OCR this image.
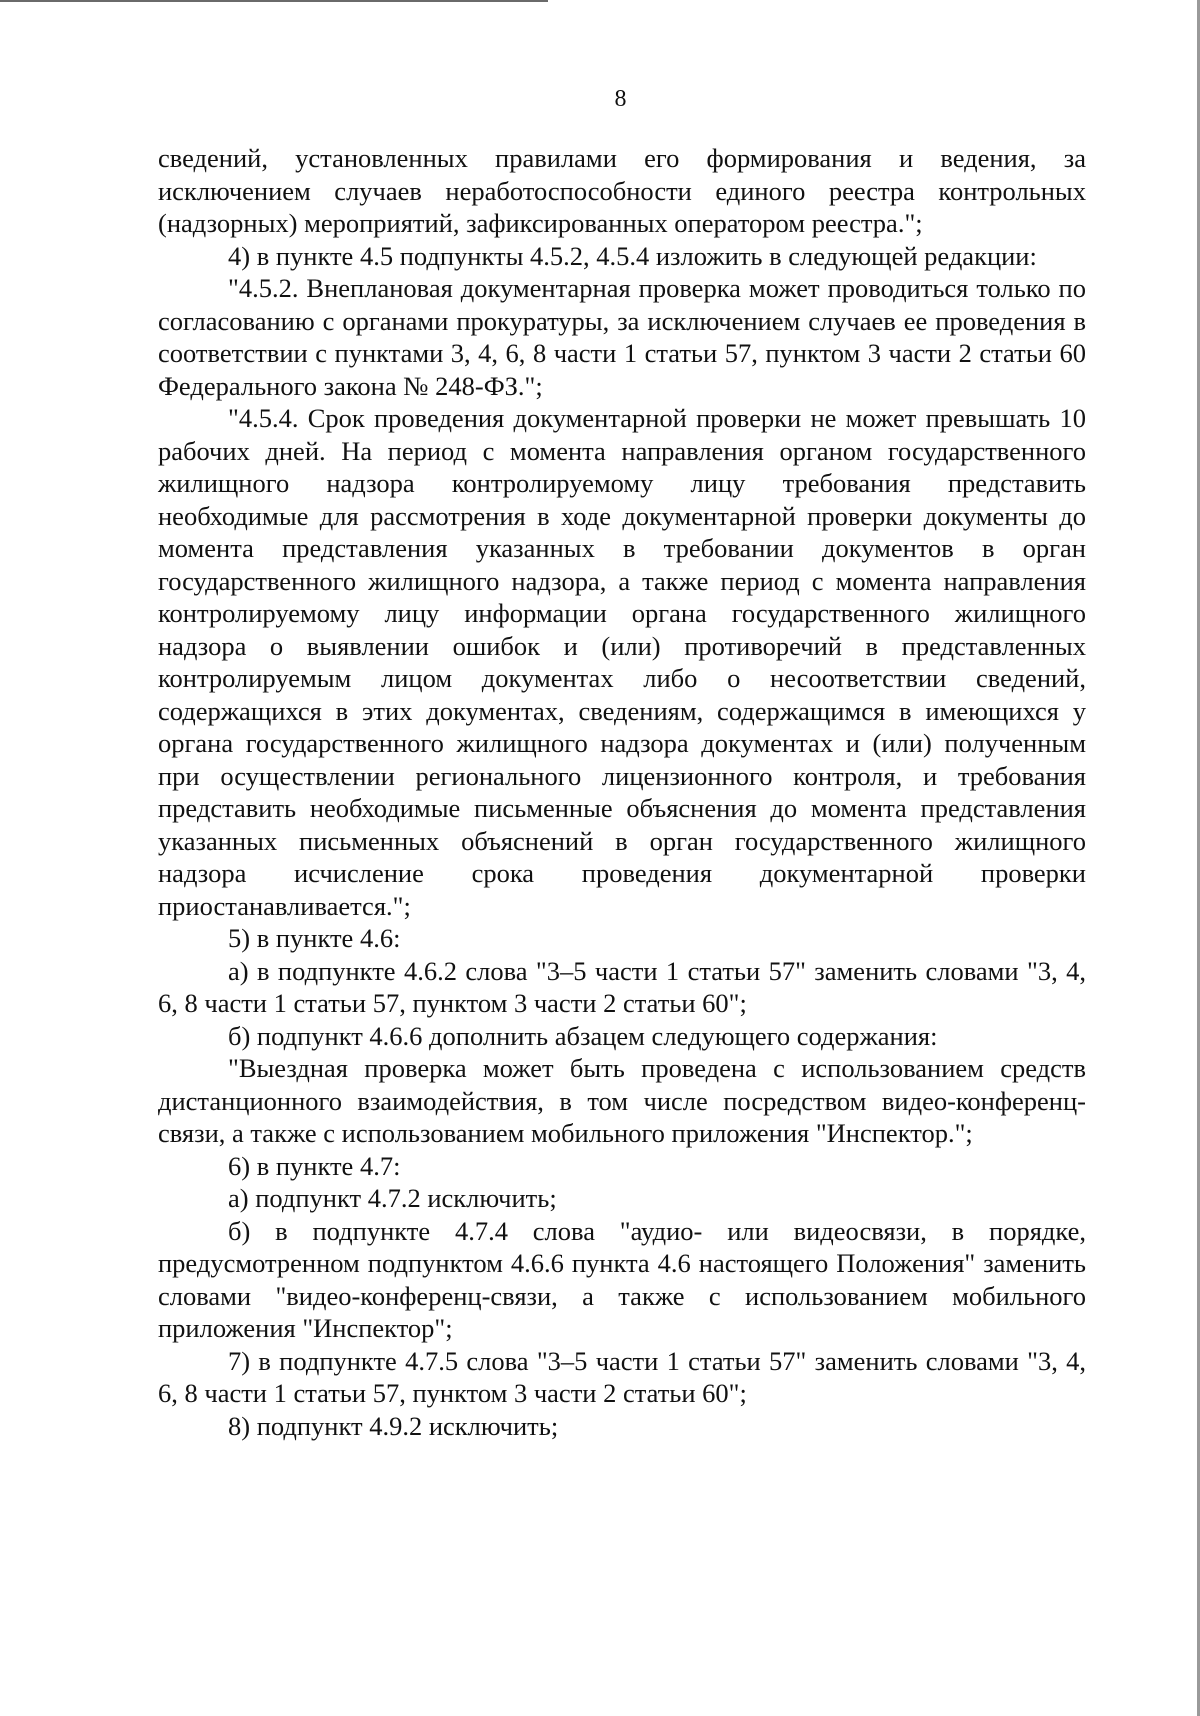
8

сведений, установленных правилами его формирования и ведения, за исключением случаев неработоспособности единого реестра контрольных (надзорных) мероприятий, зафиксированных оператором реестра.";

4) в пункте 4.5 подпункты 4.5.2, 4.5.4 изложить в следующей редакции:

"4.5.2. Внеплановая документарная проверка может проводиться только по согласованию с органами прокуратуры, за исключением случаев ее проведения в соответствии с пунктами 3, 4, 6, 8 части 1 статьи 57, пунктом 3 части 2 статьи 60 Федерального закона № 248-ФЗ.";

"4.5.4. Срок проведения документарной проверки не может превышать 10 рабочих дней. На период с момента направления органом государственного жилищного надзора контролируемому лицу требования представить необходимые для рассмотрения в ходе документарной проверки документы до момента представления указанных в требовании документов в орган государственного жилищного надзора, а также период с момента направления контролируемому лицу информации органа государственного жилищного надзора о выявлении ошибок и (или) противоречий в представленных контролируемым лицом документах либо о несоответствии сведений, содержащихся в этих документах, сведениям, содержащимся в имеющихся у органа государственного жилищного надзора документах и (или) полученным при осуществлении регионального лицензионного контроля, и требования представить необходимые письменные объяснения до момента представления указанных письменных объяснений в орган государственного жилищного надзора исчисление срока проведения документарной проверки приостанавливается.";

5) в пункте 4.6:

а) в подпункте 4.6.2 слова "3–5 части 1 статьи 57" заменить словами "3, 4, 6, 8 части 1 статьи 57, пунктом 3 части 2 статьи 60";

б) подпункт 4.6.6 дополнить абзацем следующего содержания:

"Выездная проверка может быть проведена с использованием средств дистанционного взаимодействия, в том числе посредством видео-конференц-связи, а также с использованием мобильного приложения "Инспектор.";

6) в пункте 4.7:

а) подпункт 4.7.2 исключить;

б) в подпункте 4.7.4 слова "аудио- или видеосвязи, в порядке, предусмотренном подпунктом 4.6.6 пункта 4.6 настоящего Положения" заменить словами "видео-конференц-связи, а также с использованием мобильного приложения "Инспектор";

7) в подпункте 4.7.5 слова "3–5 части 1 статьи 57" заменить словами "3, 4, 6, 8 части 1 статьи 57, пунктом 3 части 2 статьи 60";

8) подпункт 4.9.2 исключить;
